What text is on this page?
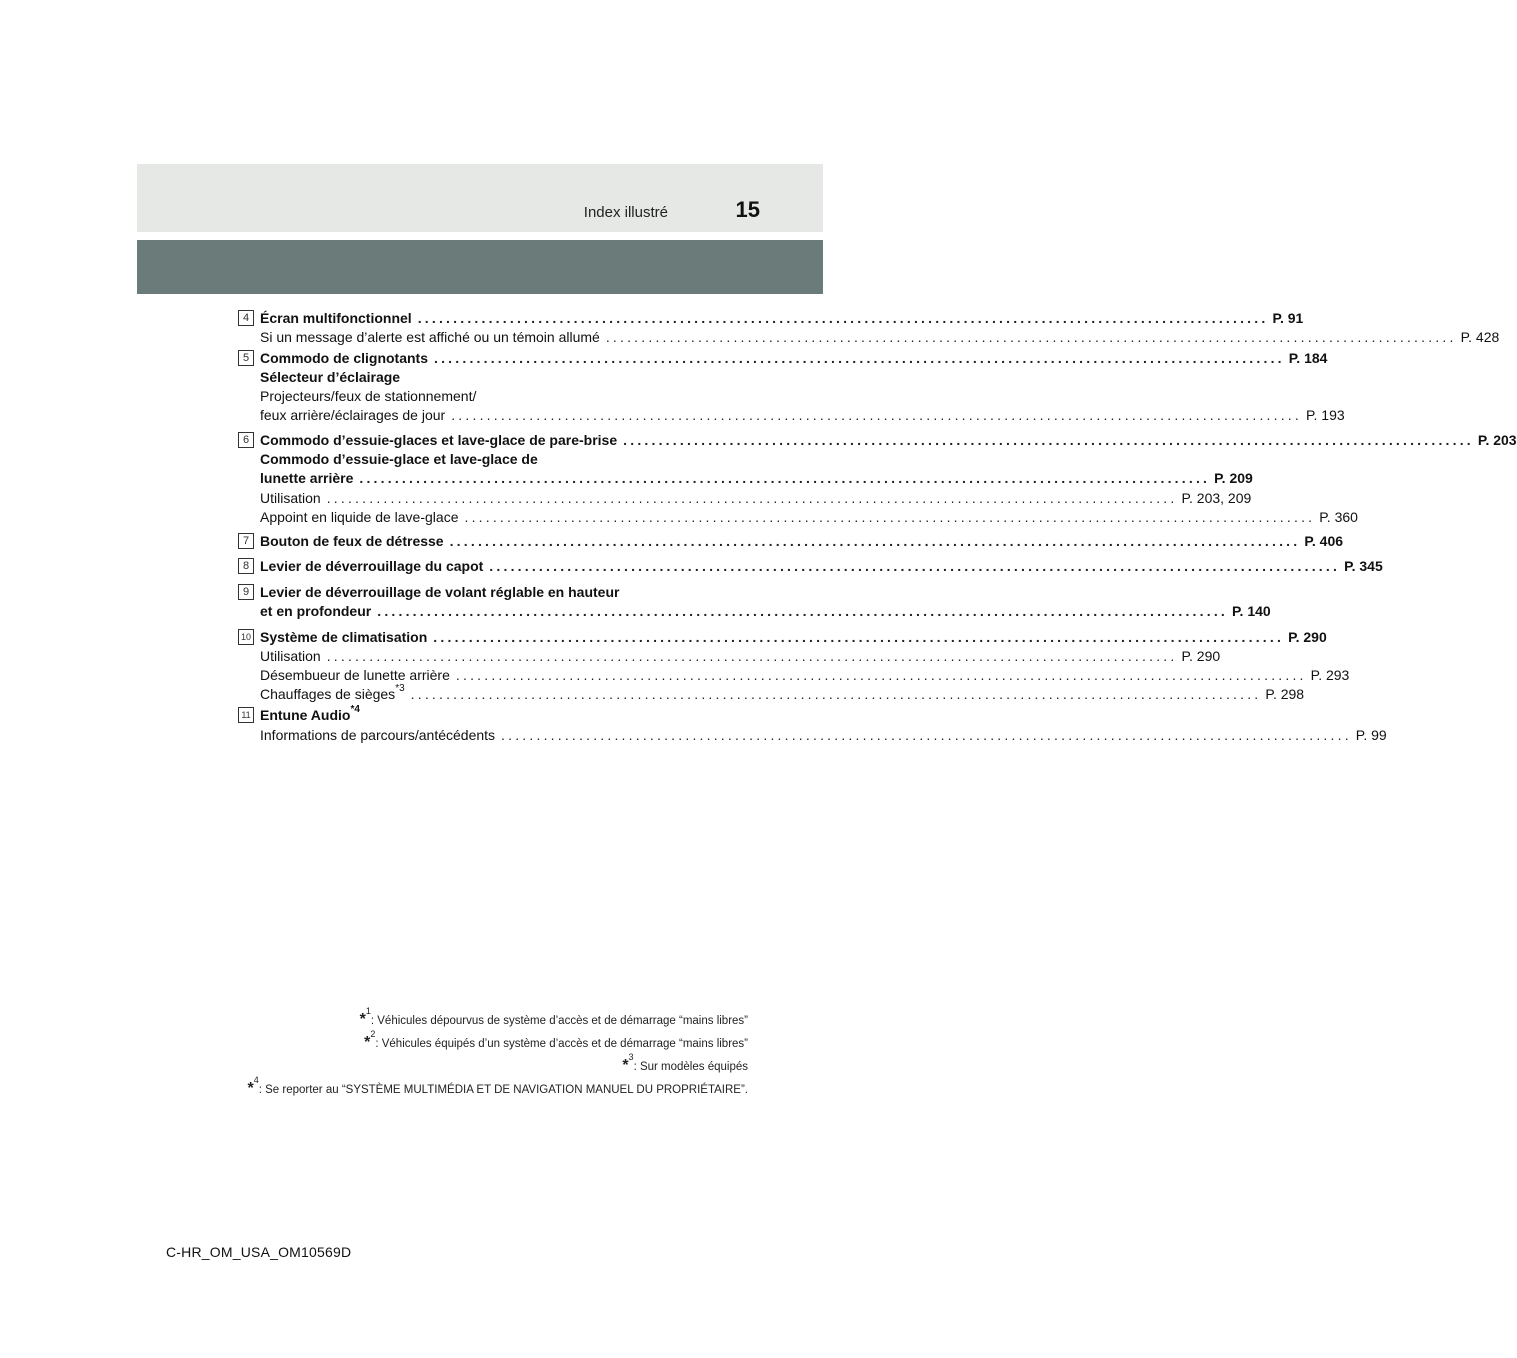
Index illustré	15
4 Écran multifonctionnel ........................................................................................................................ P. 91
Si un message d’alerte est affiché ou un témoin allumé ........................................................................................................................ P. 428
5 Commodo de clignotants ........................................................................................................................ P. 184
Sélecteur d’éclairage
Projecteurs/feux de stationnement/
feux arrière/éclairages de jour ........................................................................................................................ P. 193
6 Commodo d’essuie-glaces et lave-glace de pare-brise ........................................................................................................................ P. 203
Commodo d’essuie-glace et lave-glace de
lunette arrière ........................................................................................................................ P. 209
Utilisation ........................................................................................................................ P. 203, 209
Appoint en liquide de lave-glace ........................................................................................................................ P. 360
7 Bouton de feux de détresse ........................................................................................................................ P. 406
8 Levier de déverrouillage du capot ........................................................................................................................ P. 345
9 Levier de déverrouillage de volant réglable en hauteur
et en profondeur ........................................................................................................................ P. 140
10 Système de climatisation ........................................................................................................................ P. 290
Utilisation ........................................................................................................................ P. 290
Désembueur de lunette arrière ........................................................................................................................ P. 293
Chauffages de sièges$^{*3}$ ........................................................................................................................ P. 298
11 Entune Audio$^{*4}$
Informations de parcours/antécédents ........................................................................................................................ P. 99
*$^1$: Véhicules dépourvus de système d’accès et de démarrage “mains libres”
*$^2$: Véhicules équipés d’un système d’accès et de démarrage “mains libres”
*$^3$: Sur modèles équipés
*$^4$: Se reporter au “SYSTÈME MULTIMÉDIA ET DE NAVIGATION MANUEL DU PROPRIÉTAIRE”.
C-HR_OM_USA_OM10569D
